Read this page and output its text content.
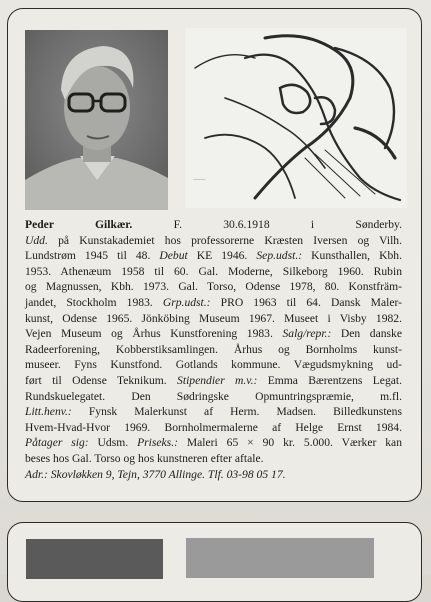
_____
Peder Gilkær. F. 30.6.1918 i Sønderby.
Udd. på Kunstakademiet hos professorerne Kræsten Iversen og Vilh.
Lundstrøm 1945 til 48. Debut KE 1946. Sep.udst.: Kunsthallen, Kbh.
1953. Athenæum 1958 til 60. Gal. Moderne, Silkeborg 1960. Rubin
og Magnussen, Kbh. 1973. Gal. Torso, Odense 1978, 80. Konstfräm-
jandet, Stockholm 1983. Grp.udst.: PRO 1963 til 64. Dansk Maler-
kunst, Odense 1965. Jönköbing Museum 1967. Museet i Visby 1982.
Vejen Museum og Århus Kunstforening 1983. Salg/repr.: Den danske
Radeerforening, Kobberstiksamlingen. Århus og Bornholms kunst-
museer. Fyns Kunstfond. Gotlands kommune. Vægudsmykning ud-
ført til Odense Teknikum. Stipendier m.v.: Emma Bærentzens Legat.
Rundskuelegatet. Den Sødringske Opmuntringspræmie, m.fl.
Litt.henv.: Fynsk Malerkunst af Herm. Madsen. Billedkunstens
Hvem-Hvad-Hvor 1969. Bornholmermalerne af Helge Ernst 1984.
Påtager sig: Udsm. Priseks.: Maleri 65 × 90 kr. 5.000. Værker kan
beses hos Gal. Torso og hos kunstneren efter aftale.
Adr.: Skovløkken 9, Tejn, 3770 Allinge. Tlf. 03-98 05 17.
